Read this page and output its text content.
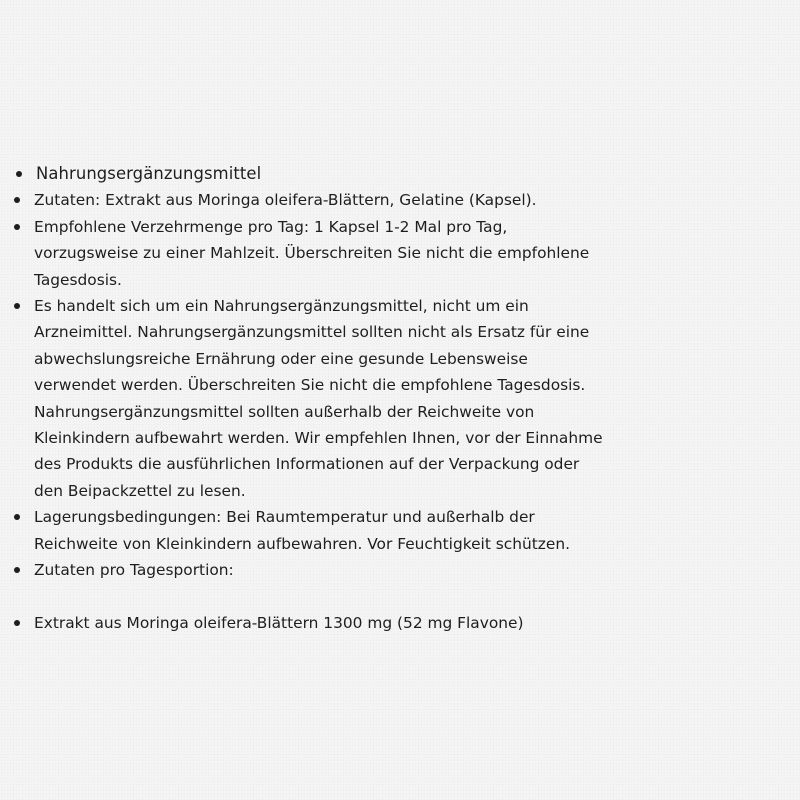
Nahrungsergänzungsmittel
Zutaten: Extrakt aus Moringa oleifera-Blättern, Gelatine (Kapsel).
Empfohlene Verzehrmenge pro Tag: 1 Kapsel 1-2 Mal pro Tag,
vorzugsweise zu einer Mahlzeit. Überschreiten Sie nicht die empfohlene
Tagesdosis.
Es handelt sich um ein Nahrungsergänzungsmittel, nicht um ein
Arzneimittel. Nahrungsergänzungsmittel sollten nicht als Ersatz für eine
abwechslungsreiche Ernährung oder eine gesunde Lebensweise
verwendet werden. Überschreiten Sie nicht die empfohlene Tagesdosis.
Nahrungsergänzungsmittel sollten außerhalb der Reichweite von
Kleinkindern aufbewahrt werden. Wir empfehlen Ihnen, vor der Einnahme
des Produkts die ausführlichen Informationen auf der Verpackung oder
den Beipackzettel zu lesen.
Lagerungsbedingungen: Bei Raumtemperatur und außerhalb der
Reichweite von Kleinkindern aufbewahren. Vor Feuchtigkeit schützen.
Zutaten pro Tagesportion:
Extrakt aus Moringa oleifera-Blättern 1300 mg (52 mg Flavone)
